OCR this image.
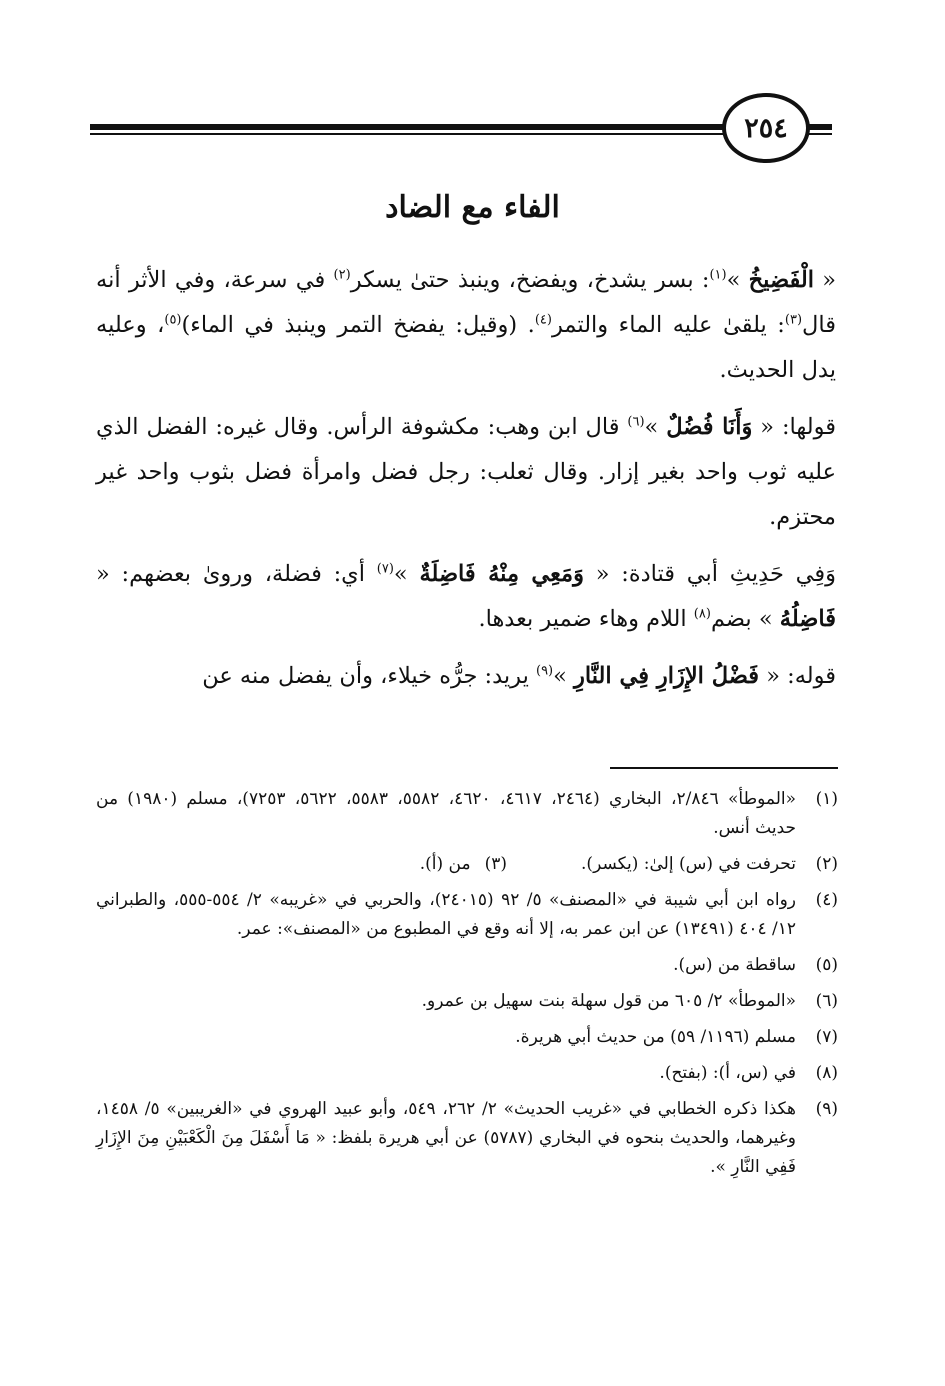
٢٥٤
الفاء مع الضاد

« الْفَضِيخُ »$^{(١)}$: بسر يشدخ، ويفضخ، وينبذ حتىٰ يسكر$^{(٢)}$ في سرعة، وفي الأثر أنه قال$^{(٣)}$: يلقىٰ عليه الماء والتمر$^{(٤)}$. (وقيل: يفضخ التمر وينبذ في الماء)$^{(٥)}$، وعليه يدل الحديث.

قولها: « وَأَنَا فُضُلٌ »$^{(٦)}$ قال ابن وهب: مكشوفة الرأس. وقال غيره: الفضل الذي عليه ثوب واحد بغير إزار. وقال ثعلب: رجل فضل وامرأة فضل بثوب واحد غير محتزم.

وَفِي حَدِيثِ أبي قتادة: « وَمَعِي مِنْهُ فَاضِلَةٌ »$^{(٧)}$ أي: فضلة، وروىٰ بعضهم: « فَاضِلُهُ » بضم$^{(٨)}$ اللام وهاء ضمير بعدها.

قوله: « فَضْلُ الإِزَارِ فِي النَّارِ »$^{(٩)}$ يريد: جرُّه خيلاء، وأن يفضل منه عن

(١)
«الموطأ» ٢/٨٤٦، البخاري (٢٤٦٤، ٤٦١٧، ٤٦٢٠، ٥٥٨٢، ٥٥٨٣، ٥٦٢٢، ٧٢٥٣)، مسلم (١٩٨٠) من حديث أنس.
(٢)
تحرفت في (س) إلىٰ: (يكسر).
(٣)
من (أ).
(٤)
رواه ابن أبي شيبة في «المصنف» ٥/ ٩٢ (٢٤٠١٥)، والحربي في «غريبه» ٢/ ٥٥٤-٥٥٥، والطبراني ١٢/ ٤٠٤ (١٣٤٩١) عن ابن عمر به، إلا أنه وقع في المطبوع من «المصنف»: عمر.
(٥)
ساقطة من (س).
(٦)
«الموطأ» ٢/ ٦٠٥ من قول سهلة بنت سهيل بن عمرو.
(٧)
مسلم (١١٩٦/ ٥٩) من حديث أبي هريرة.
(٨)
في (س، أ): (بفتح).
(٩)
هكذا ذكره الخطابي في «غريب الحديث» ٢/ ٢٦٢، ٥٤٩، وأبو عبيد الهروي في «الغريبين» ٥/ ١٤٥٨، وغيرهما، والحديث بنحوه في البخاري (٥٧٨٧) عن أبي هريرة بلفظ: « مَا أَسْفَلَ مِنَ الْكَعْبَيْنِ مِنَ الإِزَارِ فَفِي النَّارِ ».
